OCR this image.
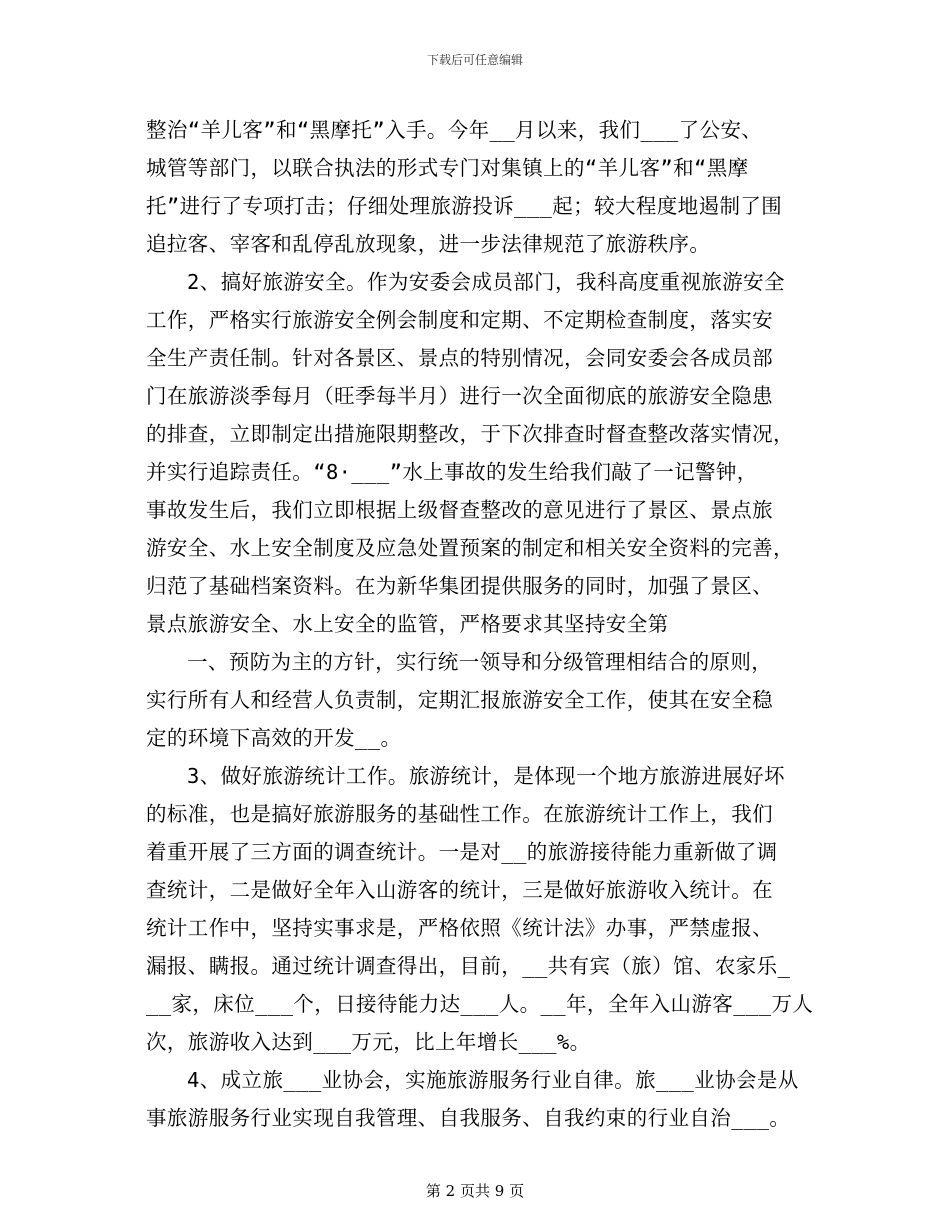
下载后可任意编辑
整治“羊儿客”和“黑摩托”入手。今年__月以来，我们___了公安、
城管等部门，以联合执法的形式专门对集镇上的“羊儿客”和“黑摩
托”进行了专项打击；仔细处理旅游投诉___起；较大程度地遏制了围
追拉客、宰客和乱停乱放现象，进一步法律规范了旅游秩序。
2、搞好旅游安全。作为安委会成员部门，我科高度重视旅游安全
工作，严格实行旅游安全例会制度和定期、不定期检查制度，落实安
全生产责任制。针对各景区、景点的特别情况，会同安委会各成员部
门在旅游淡季每月（旺季每半月）进行一次全面彻底的旅游安全隐患
的排查，立即制定出措施限期整改，于下次排查时督查整改落实情况，
并实行追踪责任。“8·___”水上事故的发生给我们敲了一记警钟，
事故发生后，我们立即根据上级督查整改的意见进行了景区、景点旅
游安全、水上安全制度及应急处置预案的制定和相关安全资料的完善，
归范了基础档案资料。在为新华集团提供服务的同时，加强了景区、
景点旅游安全、水上安全的监管，严格要求其坚持安全第
一、预防为主的方针，实行统一领导和分级管理相结合的原则，
实行所有人和经营人负责制，定期汇报旅游安全工作，使其在安全稳
定的环境下高效的开发__。
3、做好旅游统计工作。旅游统计，是体现一个地方旅游进展好坏
的标准，也是搞好旅游服务的基础性工作。在旅游统计工作上，我们
着重开展了三方面的调查统计。一是对__的旅游接待能力重新做了调
查统计，二是做好全年入山游客的统计，三是做好旅游收入统计。在
统计工作中，坚持实事求是，严格依照《统计法》办事，严禁虚报、
漏报、瞒报。通过统计调查得出，目前，__共有宾（旅）馆、农家乐_
__家，床位___个，日接待能力达___人。__年，全年入山游客___万人
次，旅游收入达到___万元，比上年增长___%。
4、成立旅___业协会，实施旅游服务行业自律。旅___业协会是从
事旅游服务行业实现自我管理、自我服务、自我约束的行业自治___。
第 2 页共 9 页
